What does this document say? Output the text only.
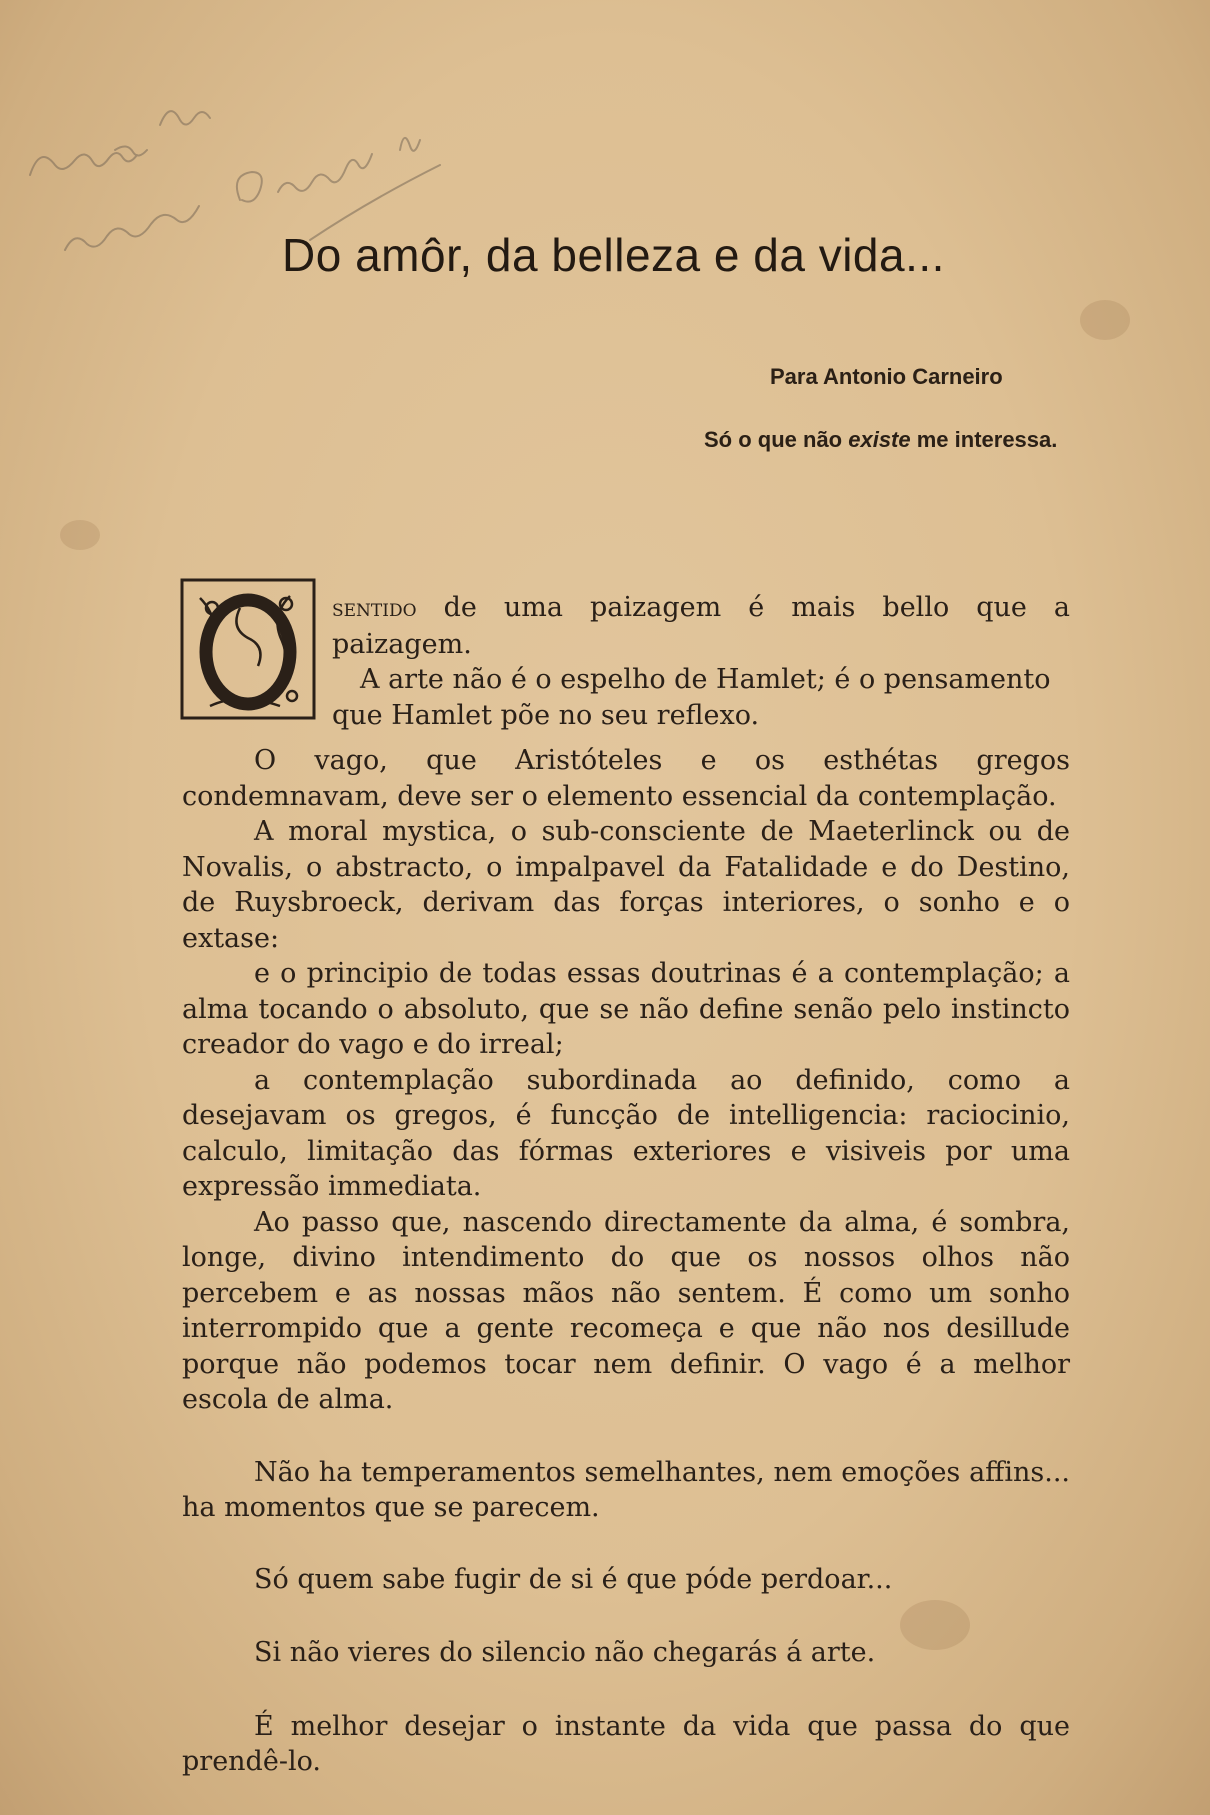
Do amôr, da belleza e da vida...
Para Antonio Carneiro
Só o que não existe me interessa.
sentido de uma paizagem é mais bello que a paizagem.
A arte não é o espelho de Hamlet; é o pensamento
que Hamlet põe no seu reflexo.

O vago, que Aristóteles e os esthétas gregos condemnavam, deve ser o elemento essencial da contemplação.

A moral mystica, o sub-consciente de Maeterlinck ou de Novalis, o abstracto, o impalpavel da Fatalidade e do Destino, de Ruysbroeck, derivam das forças interiores, o sonho e o extase:

e o principio de todas essas doutrinas é a contemplação; a alma tocando o absoluto, que se não define senão pelo instincto creador do vago e do irreal;

a contemplação subordinada ao definido, como a desejavam os gregos, é funcção de intelligencia: raciocinio, calculo, limitação das fórmas exteriores e visiveis por uma expressão immediata.

Ao passo que, nascendo directamente da alma, é sombra, longe, divino intendimento do que os nossos olhos não percebem e as nossas mãos não sentem. É como um sonho interrompido que a gente recomeça e que não nos desillude porque não podemos tocar nem definir. O vago é a melhor escola de alma.

Não ha temperamentos semelhantes, nem emoções affins... ha momentos que se parecem.

Só quem sabe fugir de si é que póde perdoar...

Si não vieres do silencio não chegarás á arte.

É melhor desejar o instante da vida que passa do que prendê-lo.
